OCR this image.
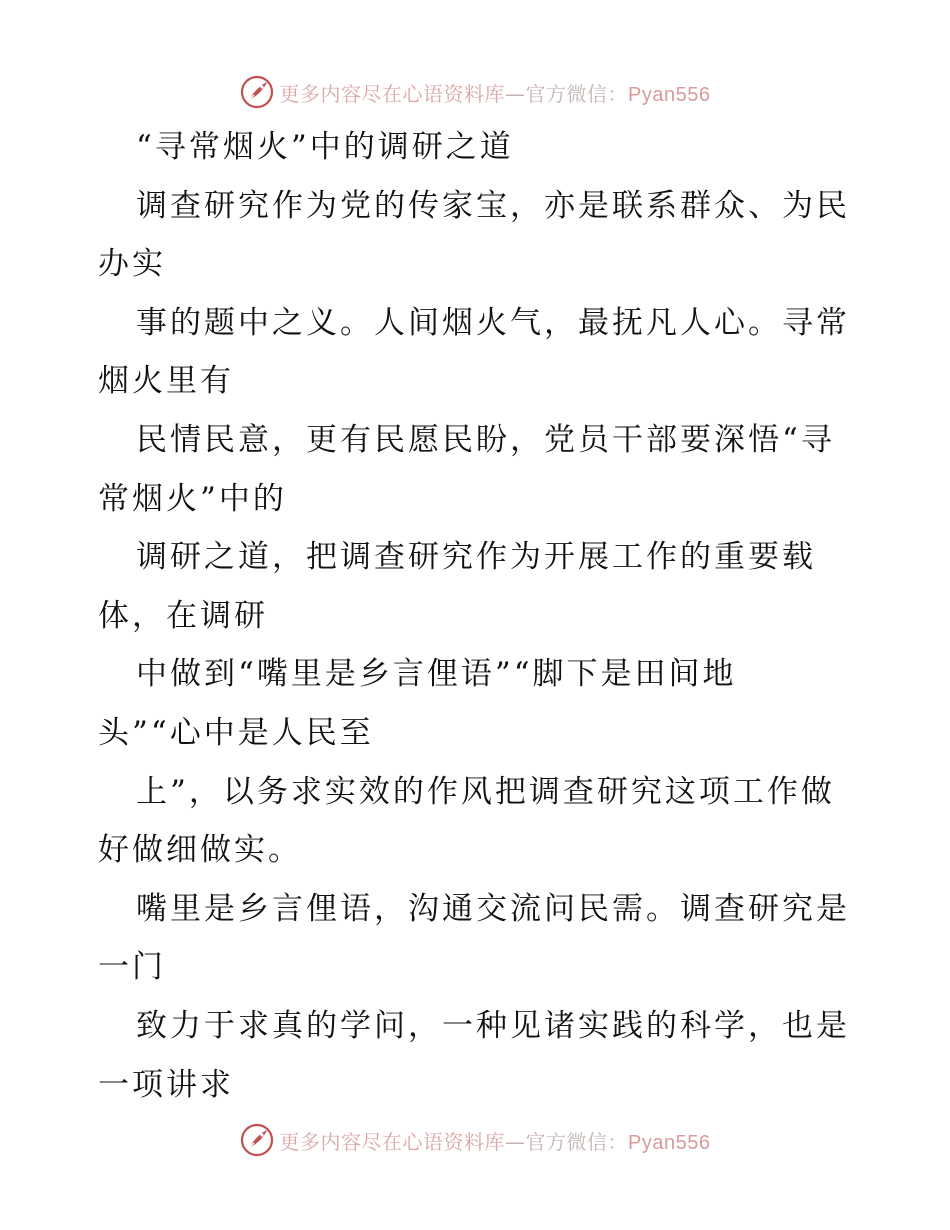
更多内容尽在心语资料库—官方微信：Pyan556
“寻常烟火”中的调研之道
调查研究作为党的传家宝，亦是联系群众、为民
办实
事的题中之义。人间烟火气，最抚凡人心。寻常
烟火里有
民情民意，更有民愿民盼，党员干部要深悟“寻
常烟火”中的
调研之道，把调查研究作为开展工作的重要载
体，在调研
中做到“嘴里是乡言俚语”“脚下是田间地
头”“心中是人民至
上”，以务求实效的作风把调查研究这项工作做
好做细做实。
嘴里是乡言俚语，沟通交流问民需。调查研究是
一门
致力于求真的学问，一种见诸实践的科学，也是
一项讲求
更多内容尽在心语资料库—官方微信：Pyan556
